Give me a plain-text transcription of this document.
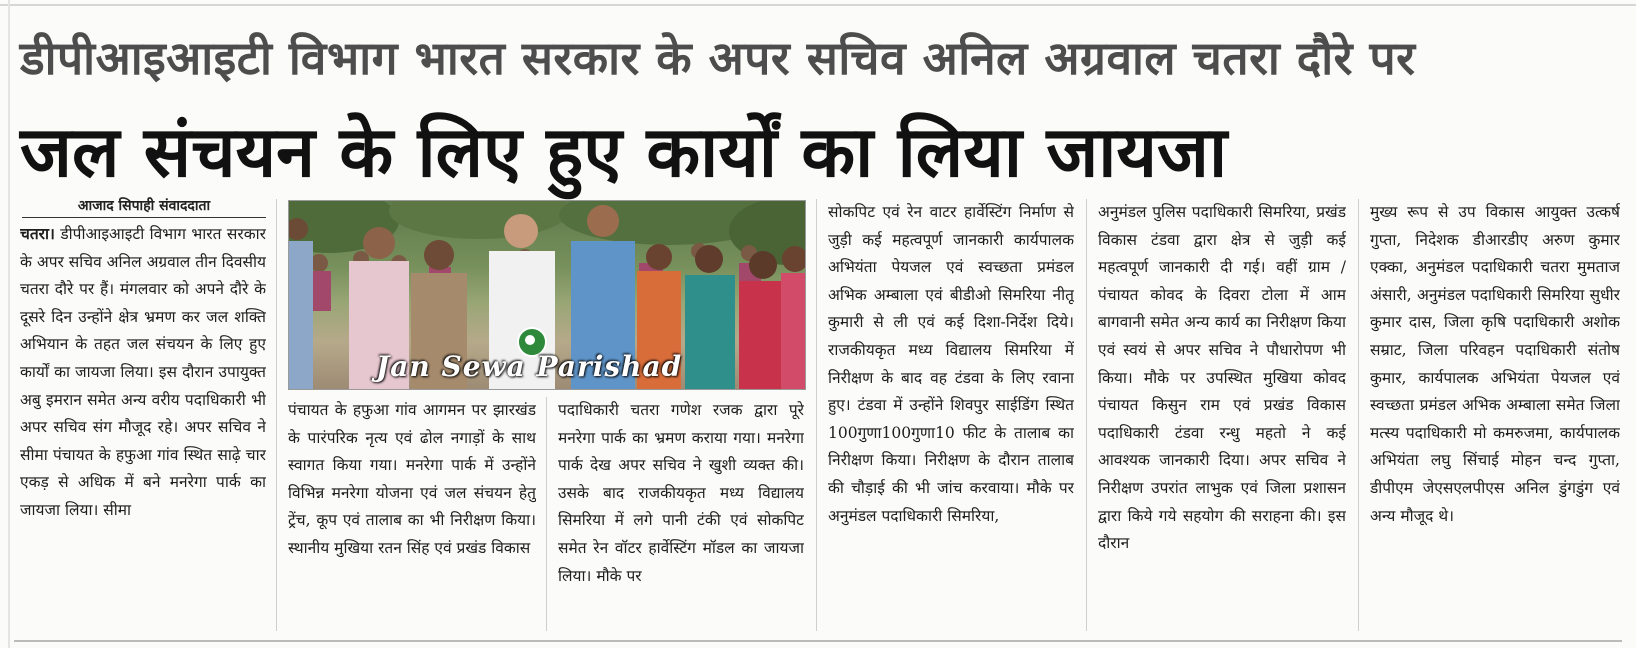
डीपीआइआइटी विभाग भारत सरकार के अपर सचिव अनिल अग्रवाल चतरा दौरे पर
जल संचयन के लिए हुए कार्यों का लिया जायजा
आजाद सिपाही संवाददाता
चतरा। डीपीआइआइटी विभाग भारत सरकार के अपर सचिव अनिल अग्रवाल तीन दिवसीय चतरा दौरे पर हैं। मंगलवार को अपने दौरे के दूसरे दिन उन्होंने क्षेत्र भ्रमण कर जल शक्ति अभियान के तहत जल संचयन के लिए हुए कार्यों का जायजा लिया। इस दौरान उपायुक्त अबु इमरान समेत अन्य वरीय पदाधिकारी भी अपर सचिव संग मौजूद रहे। अपर सचिव ने सीमा पंचायत के हफुआ गांव स्थित साढ़े चार एकड़ से अधिक में बने मनरेगा पार्क का जायजा लिया। सीमा
Jan Sewa Parishad
पंचायत के हफुआ गांव आगमन पर झारखंड के पारंपरिक नृत्य एवं ढोल नगाड़ों के साथ स्वागत किया गया। मनरेगा पार्क में उन्होंने विभिन्न मनरेगा योजना एवं जल संचयन हेतु ट्रेंच, कूप एवं तालाब का भी निरीक्षण किया। स्थानीय मुखिया रतन सिंह एवं प्रखंड विकास
पदाधिकारी चतरा गणेश रजक द्वारा पूरे मनरेगा पार्क का भ्रमण कराया गया। मनरेगा पार्क देख अपर सचिव ने खुशी व्यक्त की। उसके बाद राजकीयकृत मध्य विद्यालय सिमरिया में लगे पानी टंकी एवं सोकपिट समेत रेन वॉटर हार्वेस्टिंग मॉडल का जायजा लिया। मौके पर
सोकपिट एवं रेन वाटर हार्वेस्टिंग निर्माण से जुड़ी कई महत्वपूर्ण जानकारी कार्यपालक अभियंता पेयजल एवं स्वच्छता प्रमंडल अभिक अम्बाला एवं बीडीओ सिमरिया नीतू कुमारी से ली एवं कई दिशा-निर्देश दिये। राजकीयकृत मध्य विद्यालय सिमरिया में निरीक्षण के बाद वह टंडवा के लिए रवाना हुए। टंडवा में उन्होंने शिवपुर साईडिंग स्थित 100गुणा100गुणा10 फीट के तालाब का निरीक्षण किया। निरीक्षण के दौरान तालाब की चौड़ाई की भी जांच करवाया। मौके पर अनुमंडल पदाधिकारी सिमरिया,
अनुमंडल पुलिस पदाधिकारी सिमरिया, प्रखंड विकास टंडवा द्वारा क्षेत्र से जुड़ी कई महत्वपूर्ण जानकारी दी गई। वहीं ग्राम /पंचायत कोवद के दिवरा टोला में आम बागवानी समेत अन्य कार्य का निरीक्षण किया एवं स्वयं से अपर सचिव ने पौधारोपण भी किया। मौके पर उपस्थित मुखिया कोवद पंचायत किसुन राम एवं प्रखंड विकास पदाधिकारी टंडवा रन्धु महतो ने कई आवश्यक जानकारी दिया। अपर सचिव ने निरीक्षण उपरांत लाभुक एवं जिला प्रशासन द्वारा किये गये सहयोग की सराहना की। इस दौरान
मुख्य रूप से उप विकास आयुक्त उत्कर्ष गुप्ता, निदेशक डीआरडीए अरुण कुमार एक्का, अनुमंडल पदाधिकारी चतरा मुमताज अंसारी, अनुमंडल पदाधिकारी सिमरिया सुधीर कुमार दास, जिला कृषि पदाधिकारी अशोक सम्राट, जिला परिवहन पदाधिकारी संतोष कुमार, कार्यपालक अभियंता पेयजल एवं स्वच्छता प्रमंडल अभिक अम्बाला समेत जिला मत्स्य पदाधिकारी मो कमरुजमा, कार्यपालक अभियंता लघु सिंचाई मोहन चन्द गुप्ता, डीपीएम जेएसएलपीएस अनिल डुंगडुंग एवं अन्य मौजूद थे।
